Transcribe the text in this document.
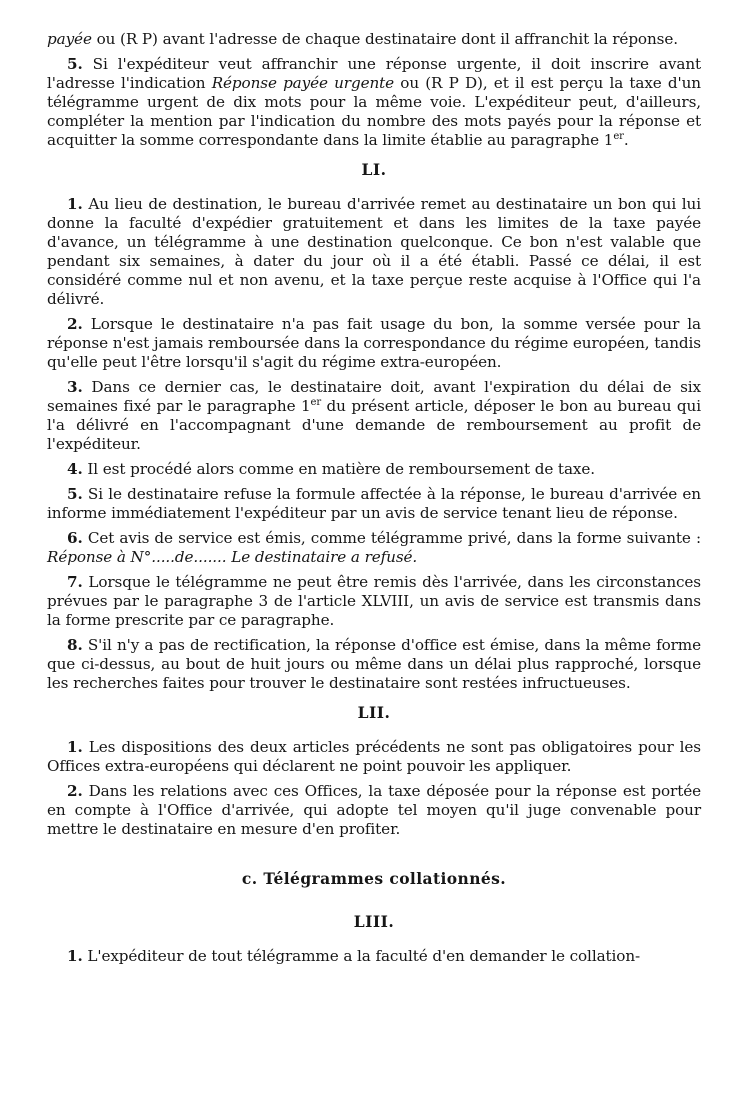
payée ou (R P) avant l'adresse de chaque destinataire dont il affranchit la réponse.

5. Si l'expéditeur veut affranchir une réponse urgente, il doit inscrire avant l'adresse l'indication Réponse payée urgente ou (R P D), et il est perçu la taxe d'un télégramme urgent de dix mots pour la même voie. L'expéditeur peut, d'ailleurs, compléter la mention par l'indication du nombre des mots payés pour la réponse et acquitter la somme correspondante dans la limite établie au paragraphe 1er.

LI.

1. Au lieu de destination, le bureau d'arrivée remet au destinataire un bon qui lui donne la faculté d'expédier gratuitement et dans les limites de la taxe payée d'avance, un télégramme à une destination quelconque. Ce bon n'est valable que pendant six semaines, à dater du jour où il a été établi. Passé ce délai, il est considéré comme nul et non avenu, et la taxe perçue reste acquise à l'Office qui l'a délivré.

2. Lorsque le destinataire n'a pas fait usage du bon, la somme versée pour la réponse n'est jamais remboursée dans la correspondance du régime européen, tandis qu'elle peut l'être lorsqu'il s'agit du régime extra-européen.

3. Dans ce dernier cas, le destinataire doit, avant l'expiration du délai de six semaines fixé par le paragraphe 1er du présent article, déposer le bon au bureau qui l'a délivré en l'accompagnant d'une demande de remboursement au profit de l'expéditeur.

4. Il est procédé alors comme en matière de remboursement de taxe.

5. Si le destinataire refuse la formule affectée à la réponse, le bureau d'arrivée en informe immédiatement l'expéditeur par un avis de service tenant lieu de réponse.

6. Cet avis de service est émis, comme télégramme privé, dans la forme suivante : Réponse à N°.....de....... Le destinataire a refusé.

7. Lorsque le télégramme ne peut être remis dès l'arrivée, dans les circonstances prévues par le paragraphe 3 de l'article XLVIII, un avis de service est transmis dans la forme prescrite par ce paragraphe.

8. S'il n'y a pas de rectification, la réponse d'office est émise, dans la même forme que ci-dessus, au bout de huit jours ou même dans un délai plus rapproché, lorsque les recherches faites pour trouver le destinataire sont restées infructueuses.

LII.

1. Les dispositions des deux articles précédents ne sont pas obligatoires pour les Offices extra-européens qui déclarent ne point pouvoir les appliquer.

2. Dans les relations avec ces Offices, la taxe déposée pour la réponse est portée en compte à l'Office d'arrivée, qui adopte tel moyen qu'il juge convenable pour mettre le destinataire en mesure d'en profiter.

c. Télégrammes collationnés.
LIII.

1. L'expéditeur de tout télégramme a la faculté d'en demander le collation-
